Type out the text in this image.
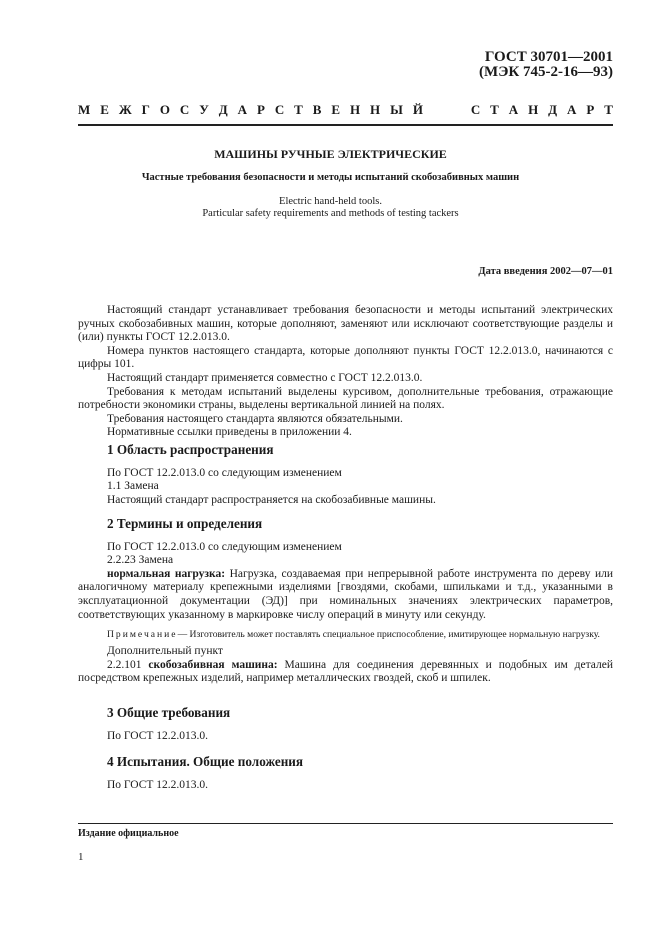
ГОСТ 30701—2001
(МЭК 745-2-16—93)
М Е Ж Г О С У Д А Р С Т В Е Н Н Ы Й	С Т А Н Д А Р Т
МАШИНЫ РУЧНЫЕ ЭЛЕКТРИЧЕСКИЕ
Частные требования безопасности и методы испытаний скобозабивных машин
Electric hand-held tools.
Particular safety requirements and methods of testing tackers
Дата введения 2002—07—01

Настоящий стандарт устанавливает требования безопасности и методы испытаний электрических ручных скобозабивных машин, которые дополняют, заменяют или исключают соответствующие разделы и (или) пункты ГОСТ 12.2.013.0.

Номера пунктов настоящего стандарта, которые дополняют пункты ГОСТ 12.2.013.0, начинаются с цифры 101.

Настоящий стандарт применяется совместно с ГОСТ 12.2.013.0.

Требования к методам испытаний выделены курсивом, дополнительные требования, отражающие потребности экономики страны, выделены вертикальной линией на полях.

Требования настоящего стандарта являются обязательными.

Нормативные ссылки приведены в приложении 4.

1 Область распространения

По ГОСТ 12.2.013.0 со следующим изменением

1.1 Замена

Настоящий стандарт распространяется на скобозабивные машины.

2 Термины и определения

По ГОСТ 12.2.013.0 со следующим изменением

2.2.23 Замена

нормальная нагрузка: Нагрузка, создаваемая при непрерывной работе инструмента по дереву или аналогичному материалу крепежными изделиями [гвоздями, скобами, шпильками и т.д., указанными в эксплуатационной документации (ЭД)] при номинальных значениях электрических параметров, соответствующих указанному в маркировке числу операций в минуту или секунду.

Примечание— Изготовитель может поставлять специальное приспособление, имитирующее нормальную нагрузку.

Дополнительный пункт

2.2.101 скобозабивная машина: Машина для соединения деревянных и подобных им деталей посредством крепежных изделий, например металлических гвоздей, скоб и шпилек.

3 Общие требования

По ГОСТ 12.2.013.0.

4 Испытания. Общие положения

По ГОСТ 12.2.013.0.

Издание официальное
1
